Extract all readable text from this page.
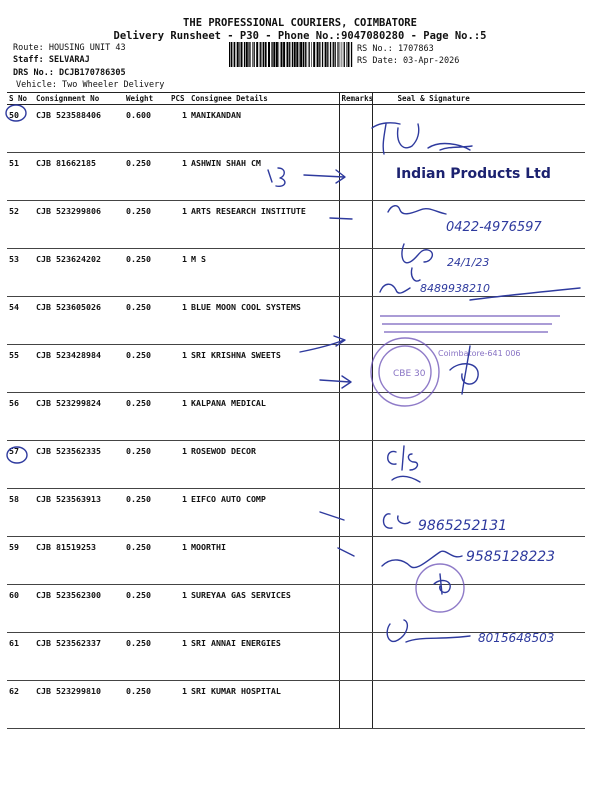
THE PROFESSIONAL COURIERS, COIMBATORE
Delivery Runsheet - P30 - Phone No.:9047080280 - Page No.:5
Route: HOUSING UNIT 43
Staff: SELVARAJ
DRS No.: DCJB170786305
Vehicle: Two Wheeler Delivery
RS No.: 1707863
RS Date: 03-Apr-2026
S No	Consignment No	Weight	PCS	Consignee Details	Remarks	Seal & Signature
50	CJB 523588406	0.600	1	MANIKANDAN		
51	CJB 81662185	0.250	1	ASHWIN SHAH CM		
52	CJB 523299806	0.250	1	ARTS RESEARCH INSTITUTE		
53	CJB 523624202	0.250	1	M S		
54	CJB 523605026	0.250	1	BLUE MOON COOL SYSTEMS		
55	CJB 523428984	0.250	1	SRI KRISHNA SWEETS		
56	CJB 523299824	0.250	1	KALPANA MEDICAL		
57	CJB 523562335	0.250	1	ROSEWOD DECOR		
58	CJB 523563913	0.250	1	EIFCO AUTO COMP		
59	CJB 81519253	0.250	1	MOORTHI		
60	CJB 523562300	0.250	1	SUREYAA GAS SERVICES		
61	CJB 523562337	0.250	1	SRI ANNAI ENERGIES		
62	CJB 523299810	0.250	1	SRI KUMAR HOSPITAL		
Indian Products Ltd
0422-4976597
24/1/23
8489938210
Coimbatore-641 006
CBE 30
9865252131
9585128223
8015648503
